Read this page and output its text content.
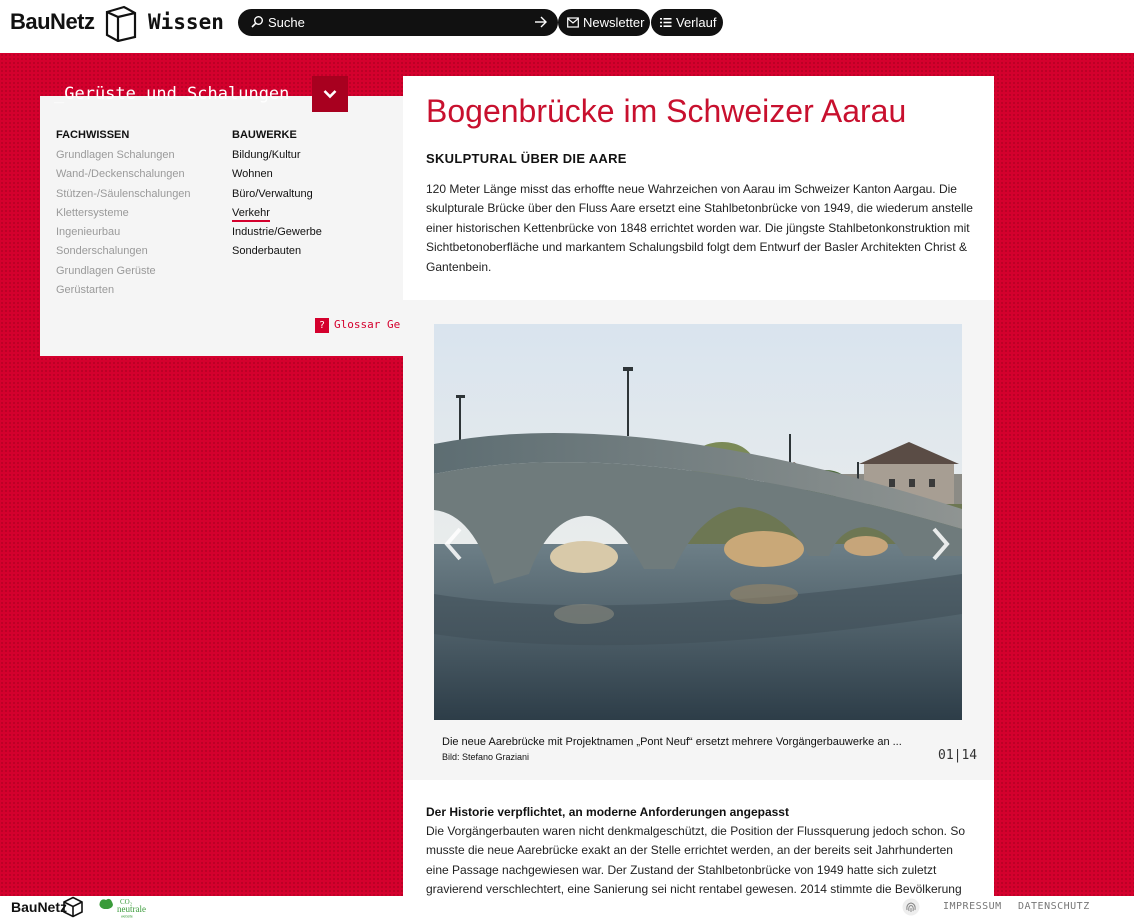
BauNetz	Wissen	Suche	Newsletter Verlauf
_Gerüste und Schalungen
FACHWISSEN
Grundlagen Schalungen
Wand-/Deckenschalungen
Stützen-/Säulenschalungen
Klettersysteme
Ingenieurbau
Sonderschalungen
Grundlagen Gerüste
Gerüstarten
BAUWERKE
Bildung/Kultur
Wohnen
Büro/Verwaltung
Verkehr
Industrie/Gewerbe
Sonderbauten
? Glossar Ge
Bogenbrücke im Schweizer Aarau
SKULPTURAL ÜBER DIE AARE

120 Meter Länge misst das erhoffte neue Wahrzeichen von Aarau im Schweizer Kanton Aargau. Die skulpturale Brücke über den Fluss Aare ersetzt eine Stahlbetonbrücke von 1949, die wiederum anstelle einer historischen Kettenbrücke von 1848 errichtet worden war. Die jüngste Stahlbetonkonstruktion mit Sichtbetonoberfläche und markantem Schalungsbild folgt dem Entwurf der Basler Architekten Christ & Gantenbein.

Die neue Aarebrücke mit Projektnamen „Pont Neuf“ ersetzt mehrere Vorgängerbauwerke an ...
Bild: Stefano Graziani	01|14
Der Historie verpflichtet, an moderne Anforderungen angepasst

Die Vorgängerbauten waren nicht denkmalgeschützt, die Position der Flussquerung jedoch schon. So musste die neue Aarebrücke exakt an der Stelle errichtet werden, an der bereits seit Jahrhunderten eine Passage nachgewiesen war. Der Zustand der Stahlbetonbrücke von 1949 hatte sich zuletzt gravierend verschlechtert, eine Sanierung sei nicht rentabel gewesen. 2014 stimmte die Bevölkerung

BauNetz	CO₂
neutrale
website
IMPRESSUM DATENSCHUTZ
